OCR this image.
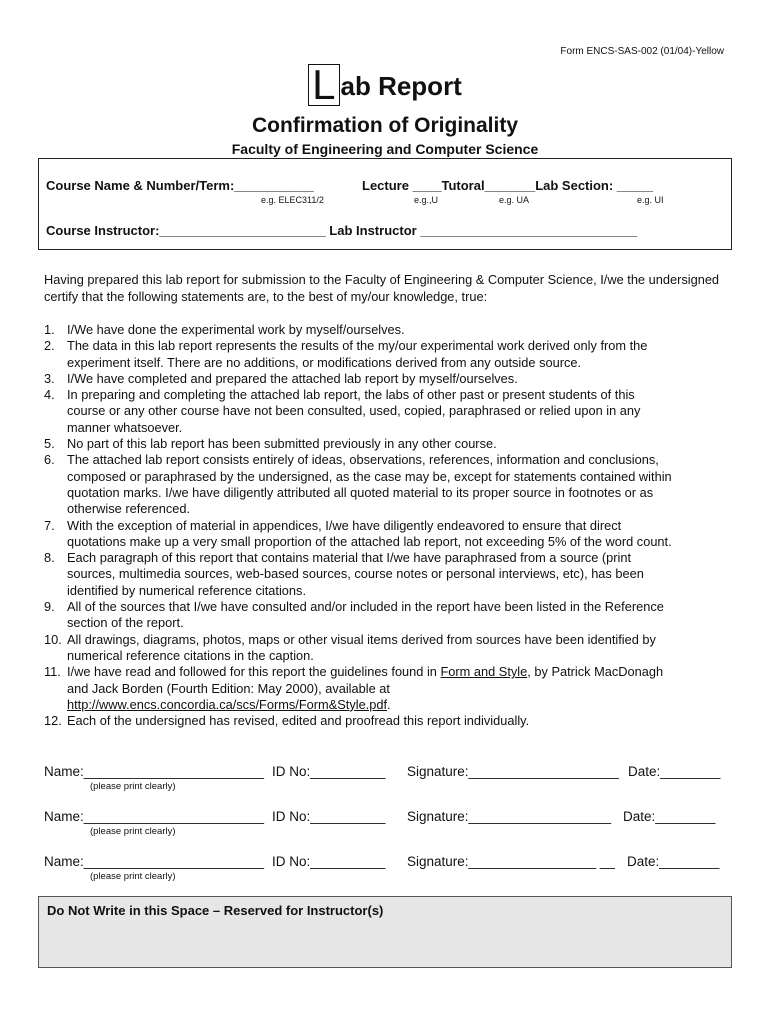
Form ENCS-SAS-002 (01/04)-Yellow
L ab Report
Confirmation of Originality
Faculty of Engineering and Computer Science
Course Name & Number/Term:___________
e.g. ELEC311/2
Lecture ____Tutoral_______Lab Section: _____
e.g.,U	e.g. UA	e.g. UI
Course Instructor:_______________________ Lab Instructor ______________________________
Having prepared this lab report for submission to the Faculty of Engineering & Computer Science, I/we the undersigned certify that the following statements are, to the best of my/our knowledge, true:
1. I/We have done the experimental work by myself/ourselves.
2. The data in this lab report represents the results of the my/our experimental work derived only from the
experiment itself. There are no additions, or modifications derived from any outside source.
3. I/We have completed and prepared the attached lab report by myself/ourselves.
4. In preparing and completing the attached lab report, the labs of other past or present students of this
course or any other course have not been consulted, used, copied, paraphrased or relied upon in any
manner whatsoever.
5. No part of this lab report has been submitted previously in any other course.
6. The attached lab report consists entirely of ideas, observations, references, information and conclusions,
composed or paraphrased by the undersigned, as the case may be, except for statements contained within
quotation marks. I/we have diligently attributed all quoted material to its proper source in footnotes or as
otherwise referenced.
7. With the exception of material in appendices, I/we have diligently endeavored to ensure that direct
quotations make up a very small proportion of the attached lab report, not exceeding 5% of the word count.
8. Each paragraph of this report that contains material that I/we have paraphrased from a source (print
sources, multimedia sources, web-based sources, course notes or personal interviews, etc), has been
identified by numerical reference citations.
9. All of the sources that I/we have consulted and/or included in the report have been listed in the Reference
section of the report.
10. All drawings, diagrams, photos, maps or other visual items derived from sources have been identified by
numerical reference citations in the caption.
11. I/we have read and followed for this report the guidelines found in Form and Style, by Patrick MacDonagh
and Jack Borden (Fourth Edition: May 2000), available at
http://www.encs.concordia.ca/scs/Forms/Form&Style.pdf.
12. Each of the undersigned has revised, edited and proofread this report individually.
Name:________________________
(please print clearly)
ID No:__________ Signature:____________________ Date:________
Name:________________________
(please print clearly)
ID No:__________ Signature:___________________ Date:________
Name:________________________
(please print clearly)
ID No:__________ Signature:_________________ __ Date:________
Do Not Write in this Space – Reserved for Instructor(s)
